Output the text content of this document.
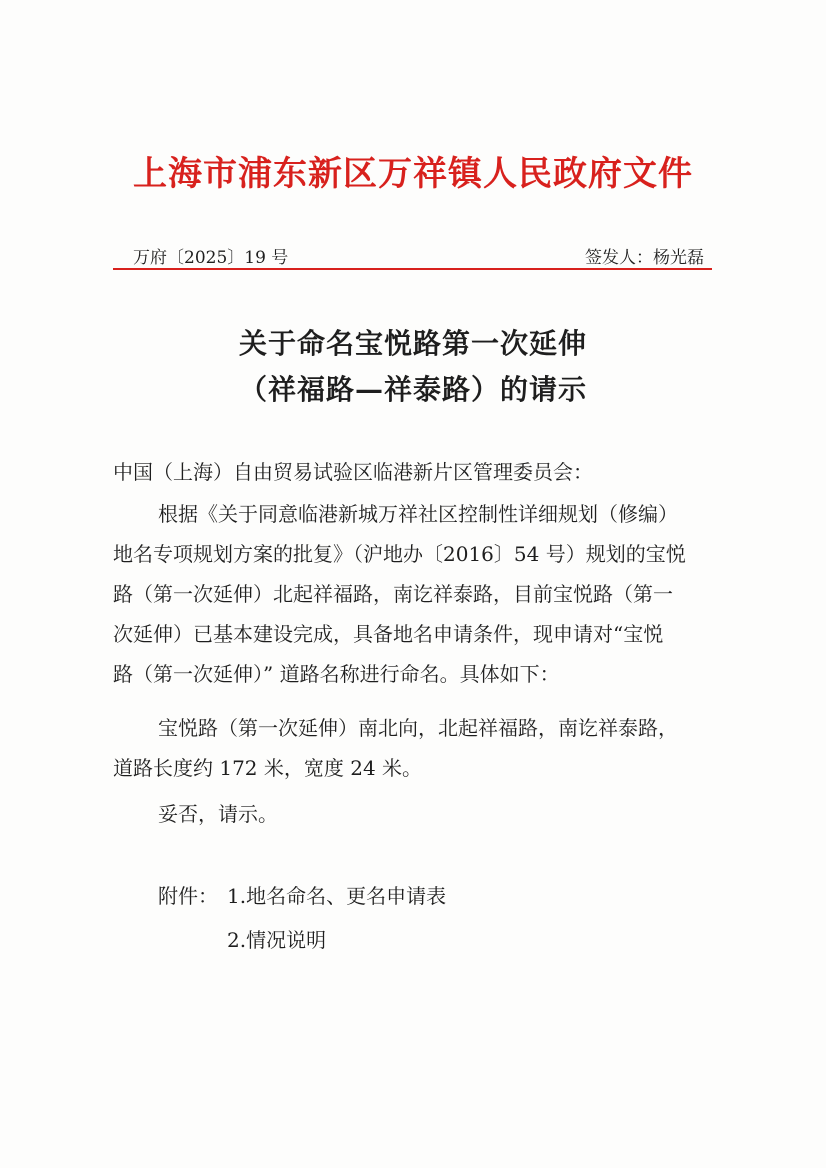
上海市浦东新区万祥镇人民政府文件
万府〔2025〕19 号	签发人：杨光磊
关于命名宝悦路第一次延伸
（祥福路—祥泰路）的请示
中国（上海）自由贸易试验区临港新片区管理委员会：
根据《关于同意临港新城万祥社区控制性详细规划（修编）
地名专项规划方案的批复》（沪地办〔2016〕54 号）规划的宝悦
路（第一次延伸）北起祥福路，南讫祥泰路，目前宝悦路（第一
次延伸）已基本建设完成，具备地名申请条件，现申请对“宝悦
路（第一次延伸）” 道路名称进行命名。具体如下：
宝悦路（第一次延伸）南北向，北起祥福路，南讫祥泰路，
道路长度约 172 米，宽度 24 米。
妥否，请示。
附件： 1.地名命名、更名申请表
2.情况说明
